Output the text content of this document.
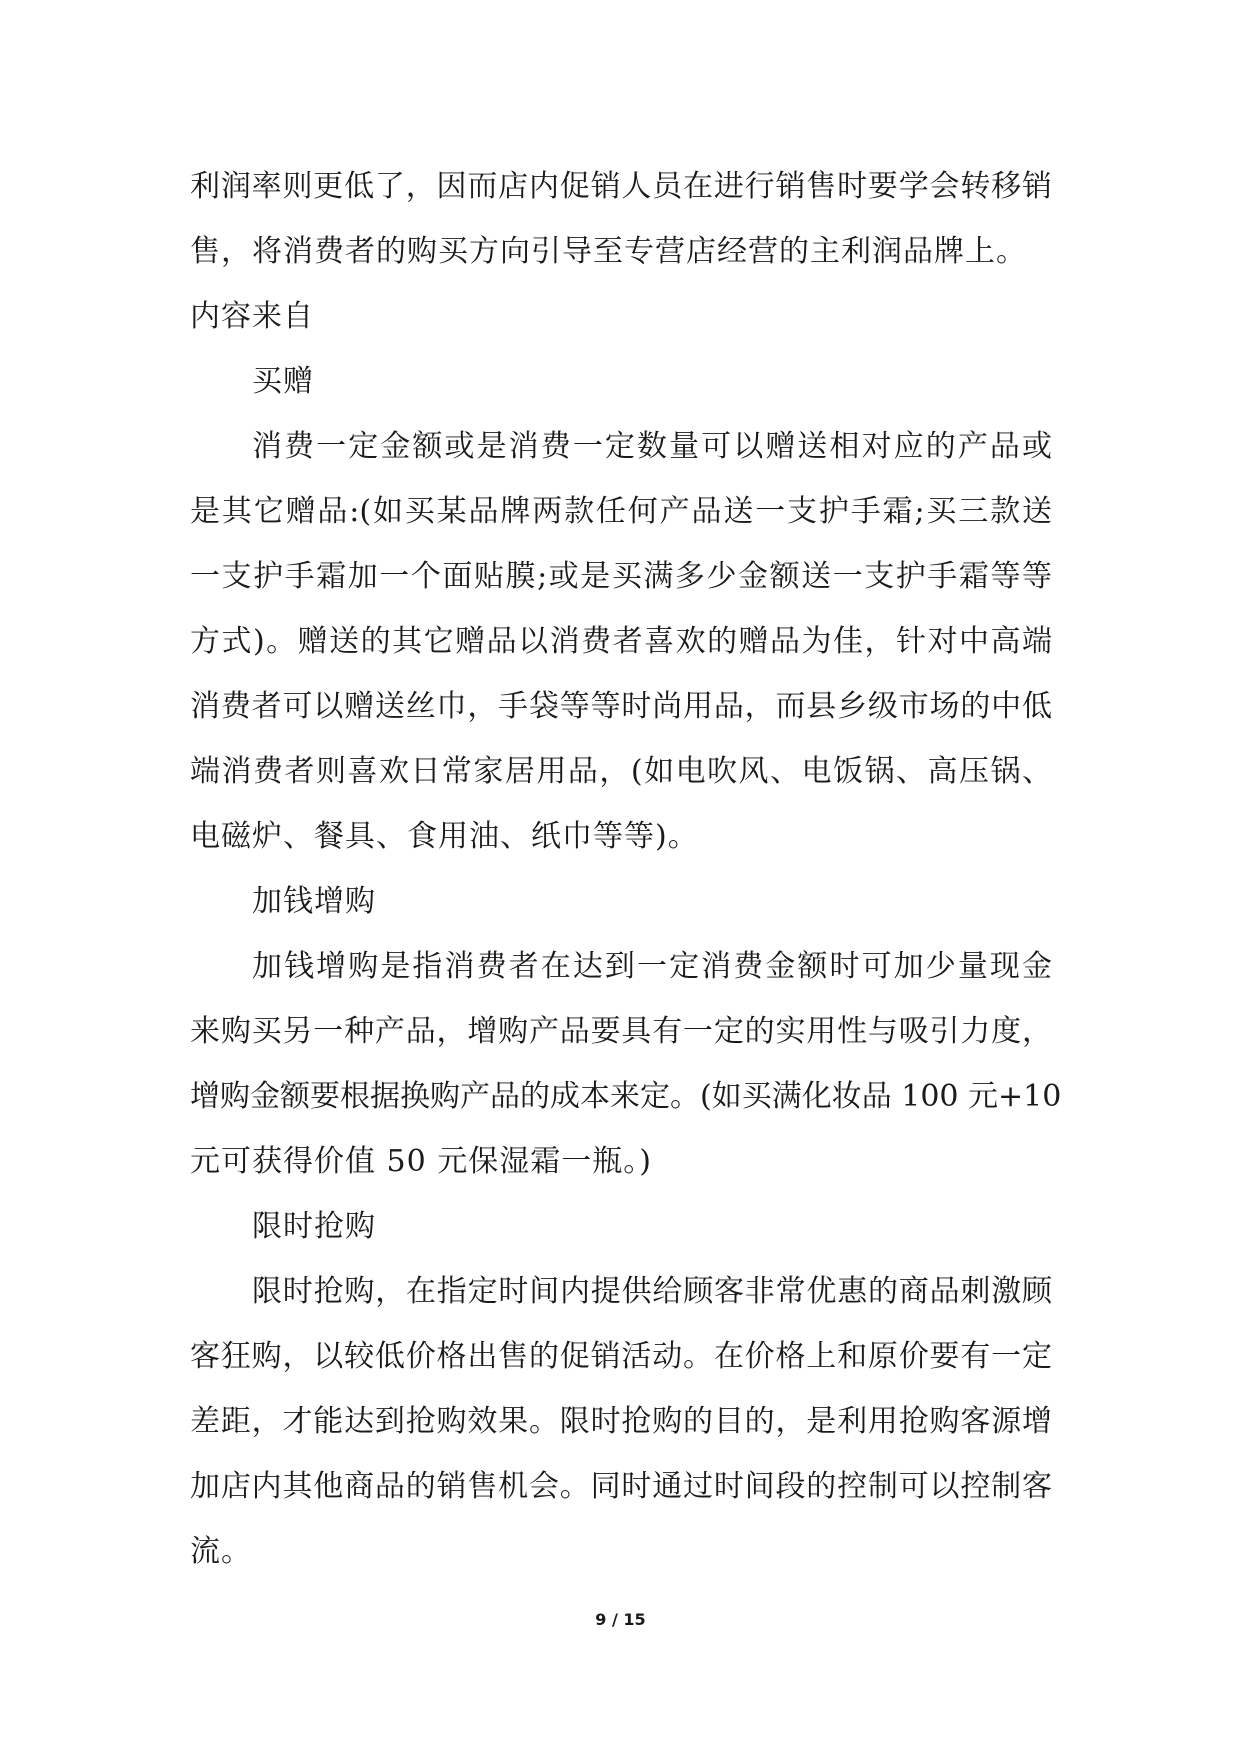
利润率则更低了，因而店内促销人员在进行销售时要学会转移销
售，将消费者的购买方向引导至专营店经营的主利润品牌上。
内容来自
买赠
消费一定金额或是消费一定数量可以赠送相对应的产品或
是其它赠品:(如买某品牌两款任何产品送一支护手霜;买三款送
一支护手霜加一个面贴膜;或是买满多少金额送一支护手霜等等
方式)。赠送的其它赠品以消费者喜欢的赠品为佳，针对中高端
消费者可以赠送丝巾，手袋等等时尚用品，而县乡级市场的中低
端消费者则喜欢日常家居用品，(如电吹风、电饭锅、高压锅、
电磁炉、餐具、食用油、纸巾等等)。
加钱增购
加钱增购是指消费者在达到一定消费金额时可加少量现金
来购买另一种产品，增购产品要具有一定的实用性与吸引力度，
增购金额要根据换购产品的成本来定。(如买满化妆品 100 元+10
元可获得价值 50 元保湿霜一瓶。)
限时抢购
限时抢购，在指定时间内提供给顾客非常优惠的商品刺激顾
客狂购，以较低价格出售的促销活动。在价格上和原价要有一定
差距，才能达到抢购效果。限时抢购的目的，是利用抢购客源增
加店内其他商品的销售机会。同时通过时间段的控制可以控制客
流。
9 / 15
